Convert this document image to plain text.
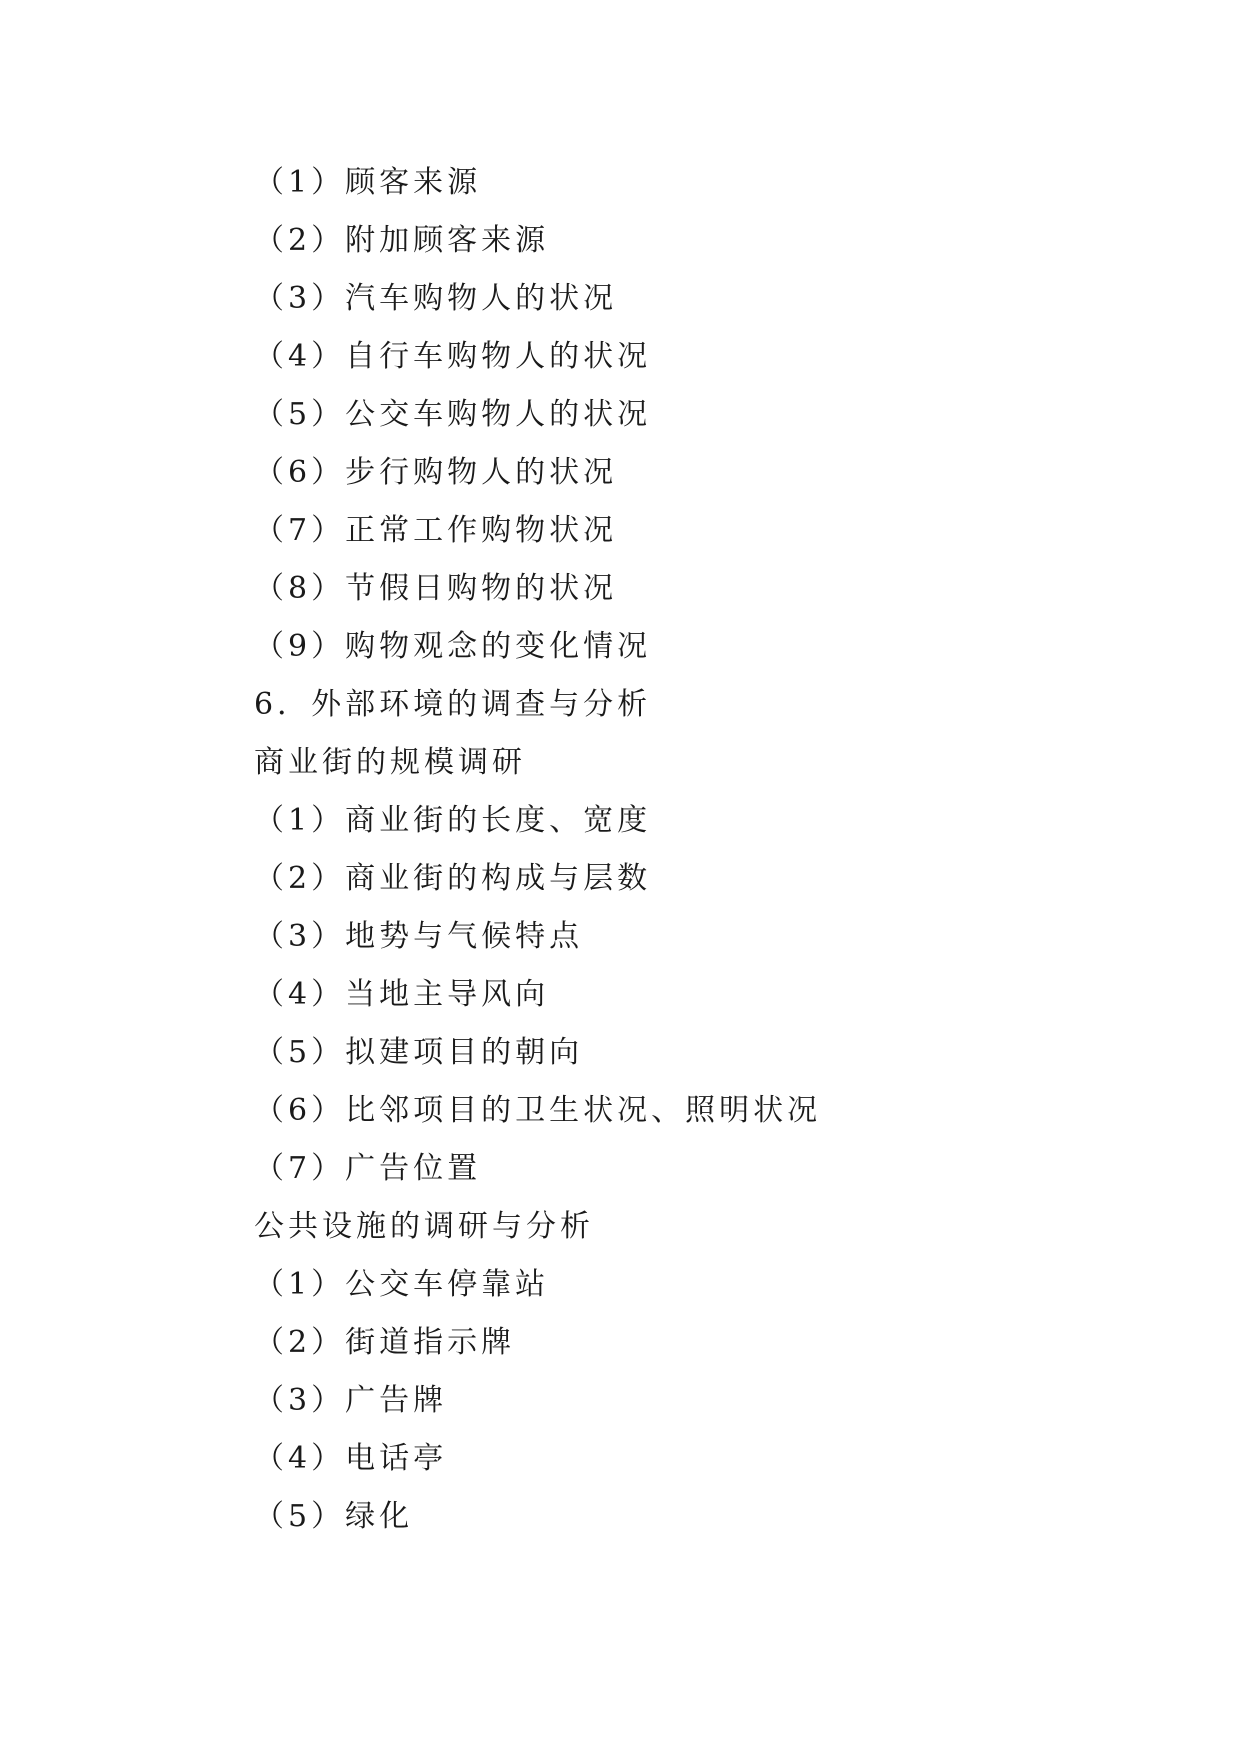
（1）顾客来源
（2）附加顾客来源
（3）汽车购物人的状况
（4）自行车购物人的状况
（5）公交车购物人的状况
（6）步行购物人的状况
（7）正常工作购物状况
（8）节假日购物的状况
（9）购物观念的变化情况
6．外部环境的调查与分析
商业街的规模调研
（1）商业街的长度、宽度
（2）商业街的构成与层数
（3）地势与气候特点
（4）当地主导风向
（5）拟建项目的朝向
（6）比邻项目的卫生状况、照明状况
（7）广告位置
公共设施的调研与分析
（1）公交车停靠站
（2）街道指示牌
（3）广告牌
（4）电话亭
（5）绿化
